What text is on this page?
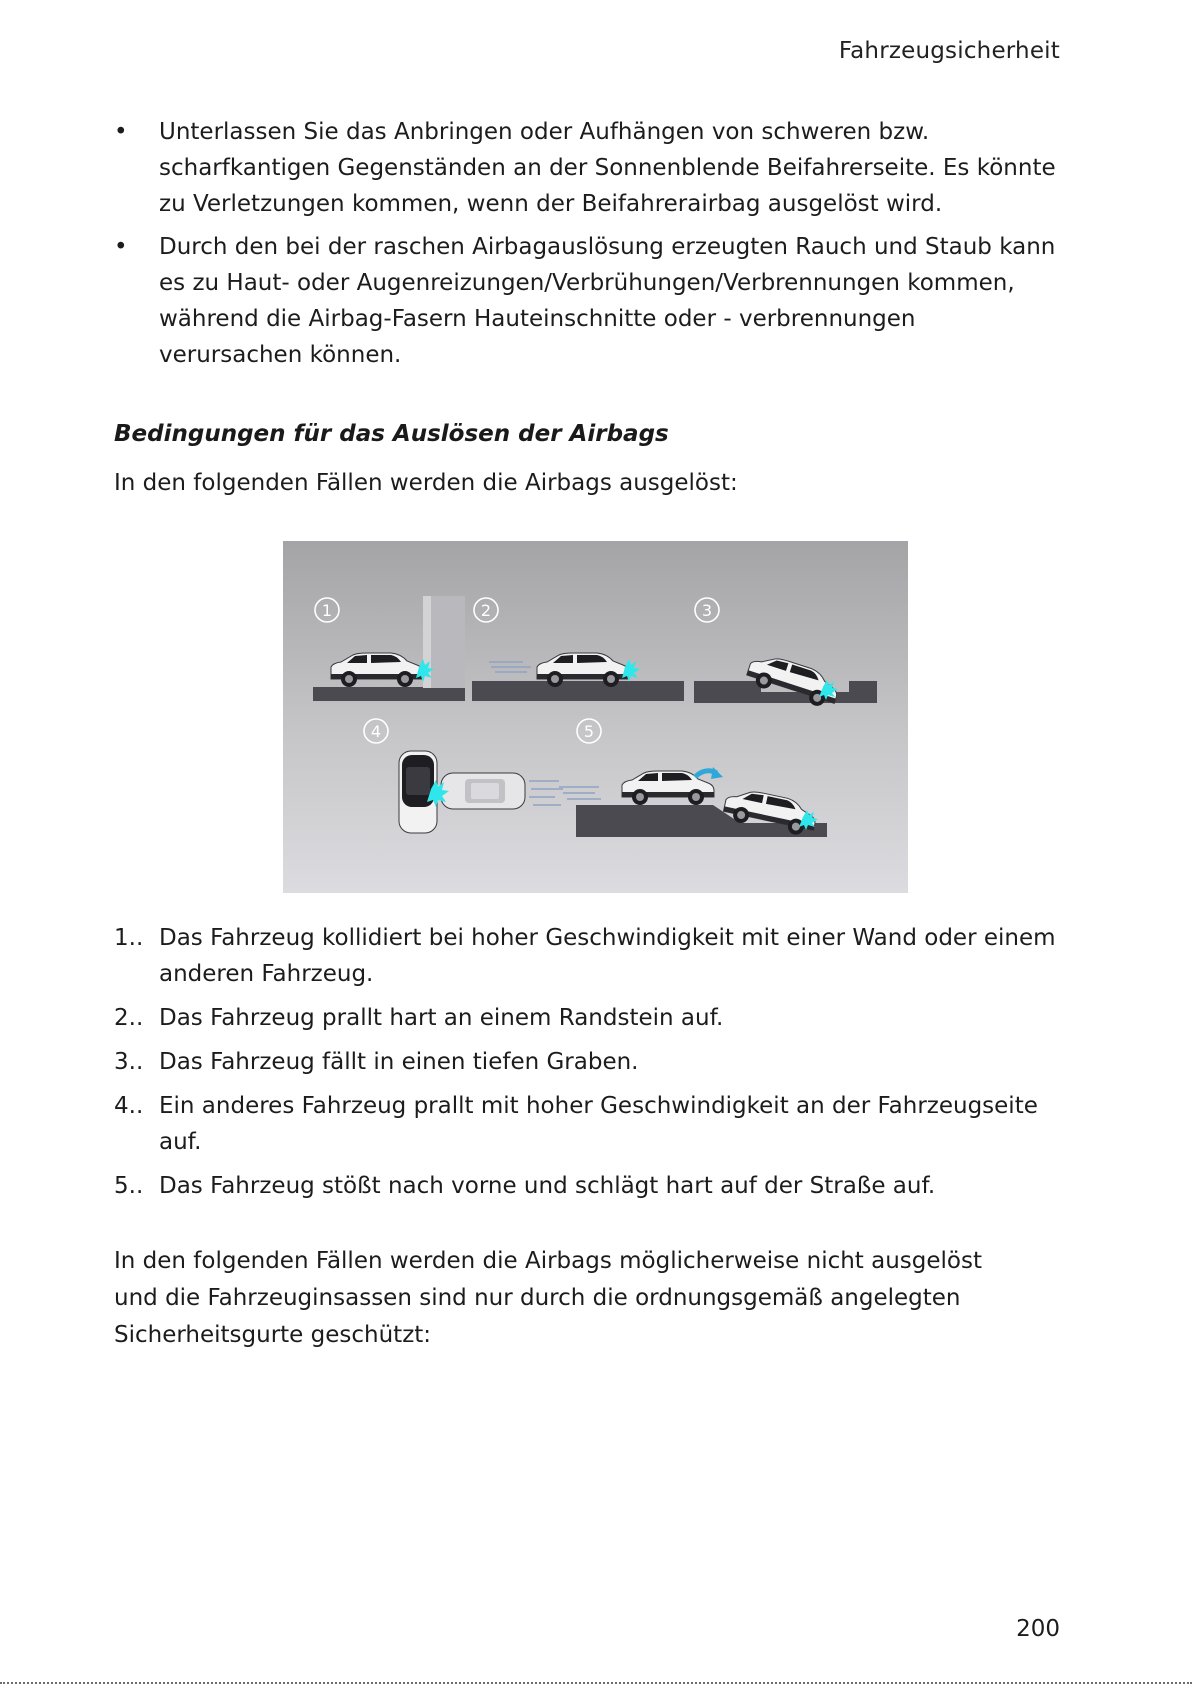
Fahrzeugsicherheit
• Unterlassen Sie das Anbringen oder Aufhängen von schweren bzw. scharfkantigen Gegenständen an der Sonnenblende Beifahrerseite. Es könnte zu Verletzungen kommen, wenn der Beifahrerairbag ausgelöst wird.
• Durch den bei der raschen Airbagauslösung erzeugten Rauch und Staub kann es zu Haut- oder Augenreizungen/Verbrühungen/Verbrennungen kommen, während die Airbag-Fasern Hauteinschnitte oder - verbrennungen verursachen können.
Bedingungen für das Auslösen der Airbags
In den folgenden Fällen werden die Airbags ausgelöst:
1	2	3
4	5
1.. Das Fahrzeug kollidiert bei hoher Geschwindigkeit mit einer Wand oder einem anderen Fahrzeug.
2.. Das Fahrzeug prallt hart an einem Randstein auf.
3.. Das Fahrzeug fällt in einen tiefen Graben.
4.. Ein anderes Fahrzeug prallt mit hoher Geschwindigkeit an der Fahrzeugseite auf.
5.. Das Fahrzeug stößt nach vorne und schlägt hart auf der Straße auf.
In den folgenden Fällen werden die Airbags möglicherweise nicht ausgelöst und die Fahrzeuginsassen sind nur durch die ordnungsgemäß angelegten Sicherheitsgurte geschützt:
200
